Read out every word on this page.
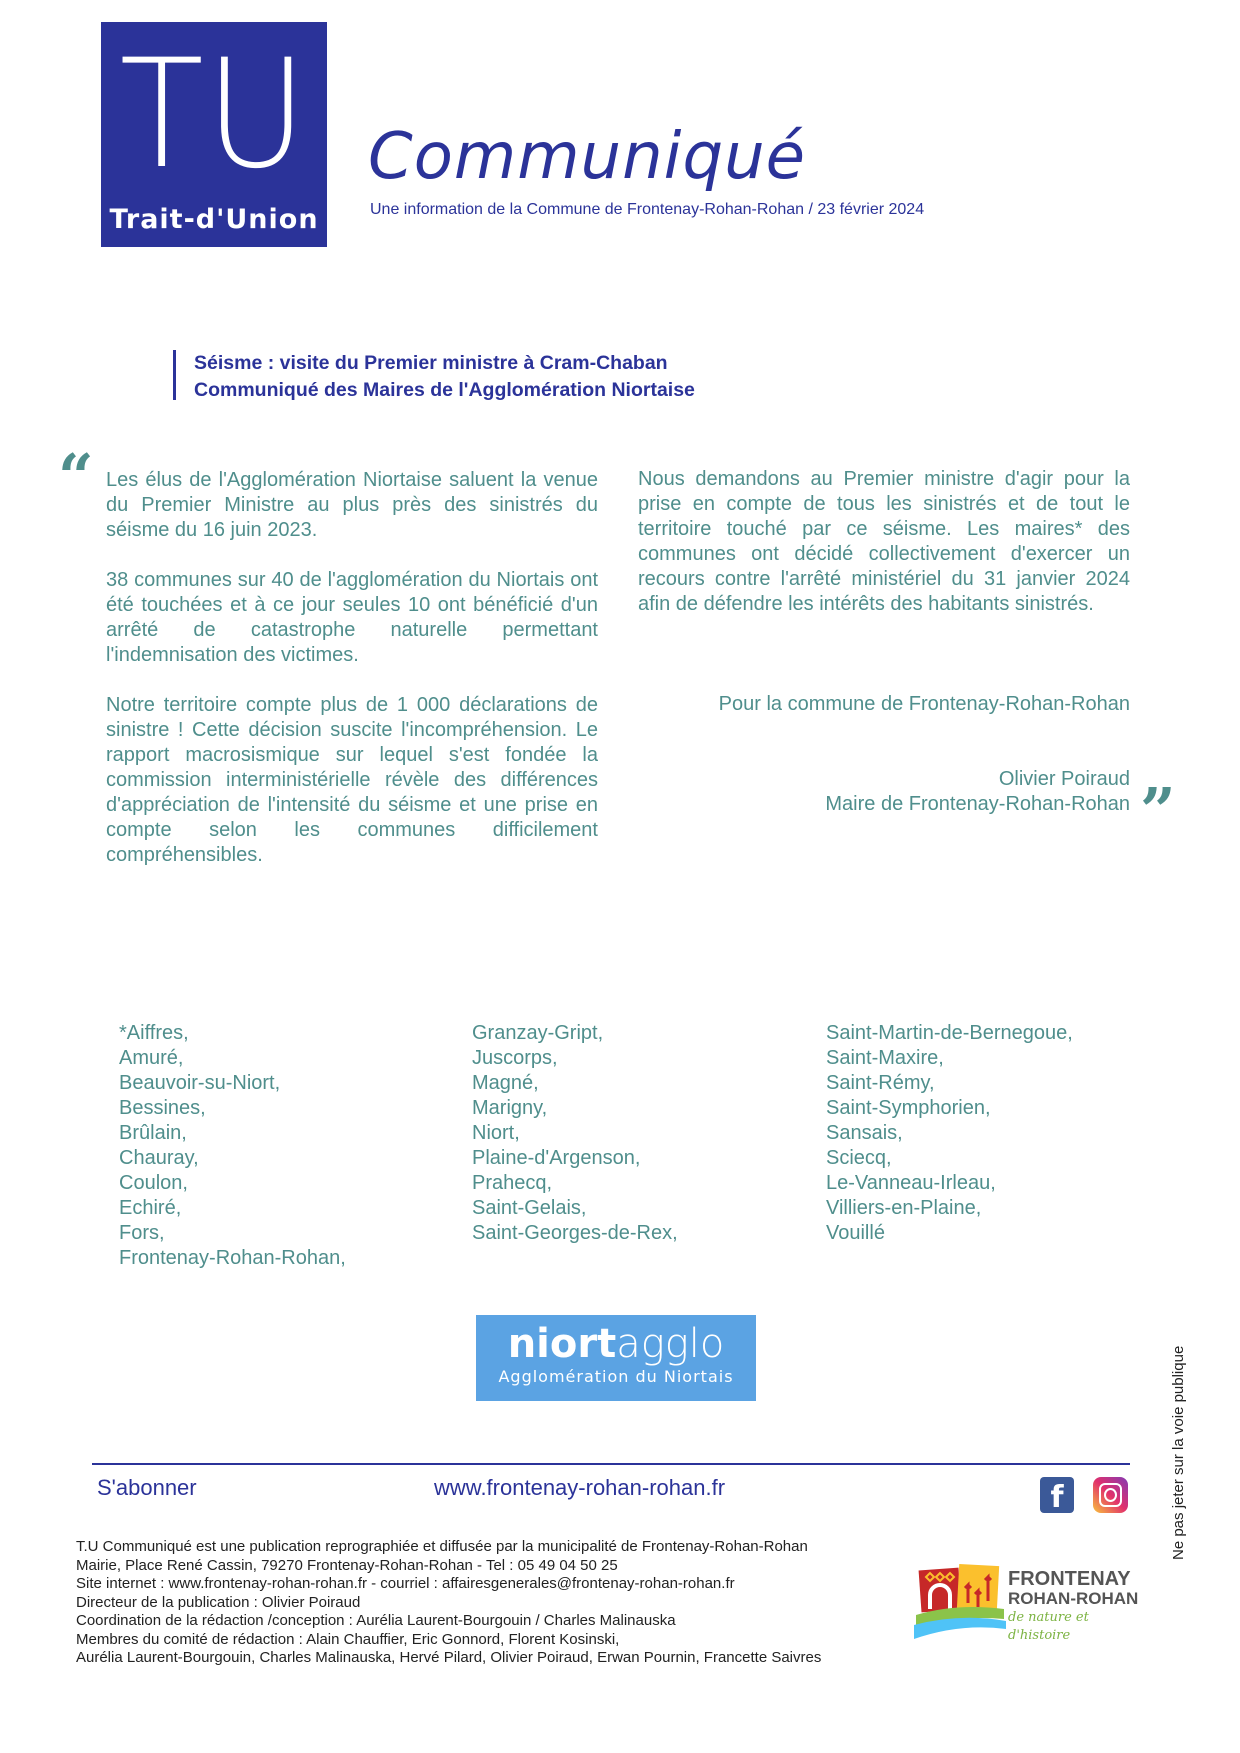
TU
Trait-d'Union
Communiqué
Une information de la Commune de Frontenay-Rohan-Rohan / 23 février 2024
Séisme : visite du Premier ministre à Cram-Chaban
Communiqué des Maires de l'Agglomération Niortaise
“ Les élus de l'Agglomération Niortaise saluent la venue du Premier Ministre au plus près des sinistrés du séisme du 16 juin 2023.

38 communes sur 40 de l'agglomération du Niortais ont été touchées et à ce jour seules 10 ont bénéficié d'un arrêté de catastrophe naturelle permettant l'indemnisation des victimes.

Notre territoire compte plus de 1 000 déclarations de sinistre ! Cette décision suscite l'incompréhension. Le rapport macrosismique sur lequel s'est fondée la commission interministérielle révèle des différences d'appréciation de l'intensité du séisme et une prise en compte selon les communes difficilement compréhensibles.

Nous demandons au Premier ministre d'agir pour la prise en compte de tous les sinistrés et de tout le territoire touché par ce séisme. Les maires* des communes ont décidé collectivement d'exercer un recours contre l'arrêté ministériel du 31 janvier 2024 afin de défendre les intérêts des habitants sinistrés.

Pour la commune de Frontenay-Rohan-Rohan
Olivier Poiraud
Maire de Frontenay-Rohan-Rohan ”
*Aiffres,
Amuré,
Beauvoir-su-Niort,
Bessines,
Brûlain,
Chauray,
Coulon,
Echiré,
Fors,
Frontenay-Rohan-Rohan,
Granzay-Gript,
Juscorps,
Magné,
Marigny,
Niort,
Plaine-d'Argenson,
Prahecq,
Saint-Gelais,
Saint-Georges-de-Rex,
Saint-Martin-de-Bernegoue,
Saint-Maxire,
Saint-Rémy,
Saint-Symphorien,
Sansais,
Sciecq,
Le-Vanneau-Irleau,
Villiers-en-Plaine,
Vouillé
niortagglo
Agglomération du Niortais
S'abonner	www.frontenay-rohan-rohan.fr	f	Ne pas jeter sur la voie publique
T.U Communiqué est une publication reprographiée et diffusée par la municipalité de Frontenay-Rohan-Rohan
Mairie, Place René Cassin, 79270 Frontenay-Rohan-Rohan - Tel : 05 49 04 50 25
Site internet : www.frontenay-rohan-rohan.fr - courriel : affairesgenerales@frontenay-rohan-rohan.fr
Directeur de la publication : Olivier Poiraud
Coordination de la rédaction /conception : Aurélia Laurent-Bourgouin / Charles Malinauska
Membres du comité de rédaction : Alain Chauffier, Eric Gonnord, Florent Kosinski,
Aurélia Laurent-Bourgouin, Charles Malinauska, Hervé Pilard, Olivier Poiraud, Erwan Pournin, Francette Saivres
FRONTENAY
ROHAN-ROHAN
de nature et d'histoire
